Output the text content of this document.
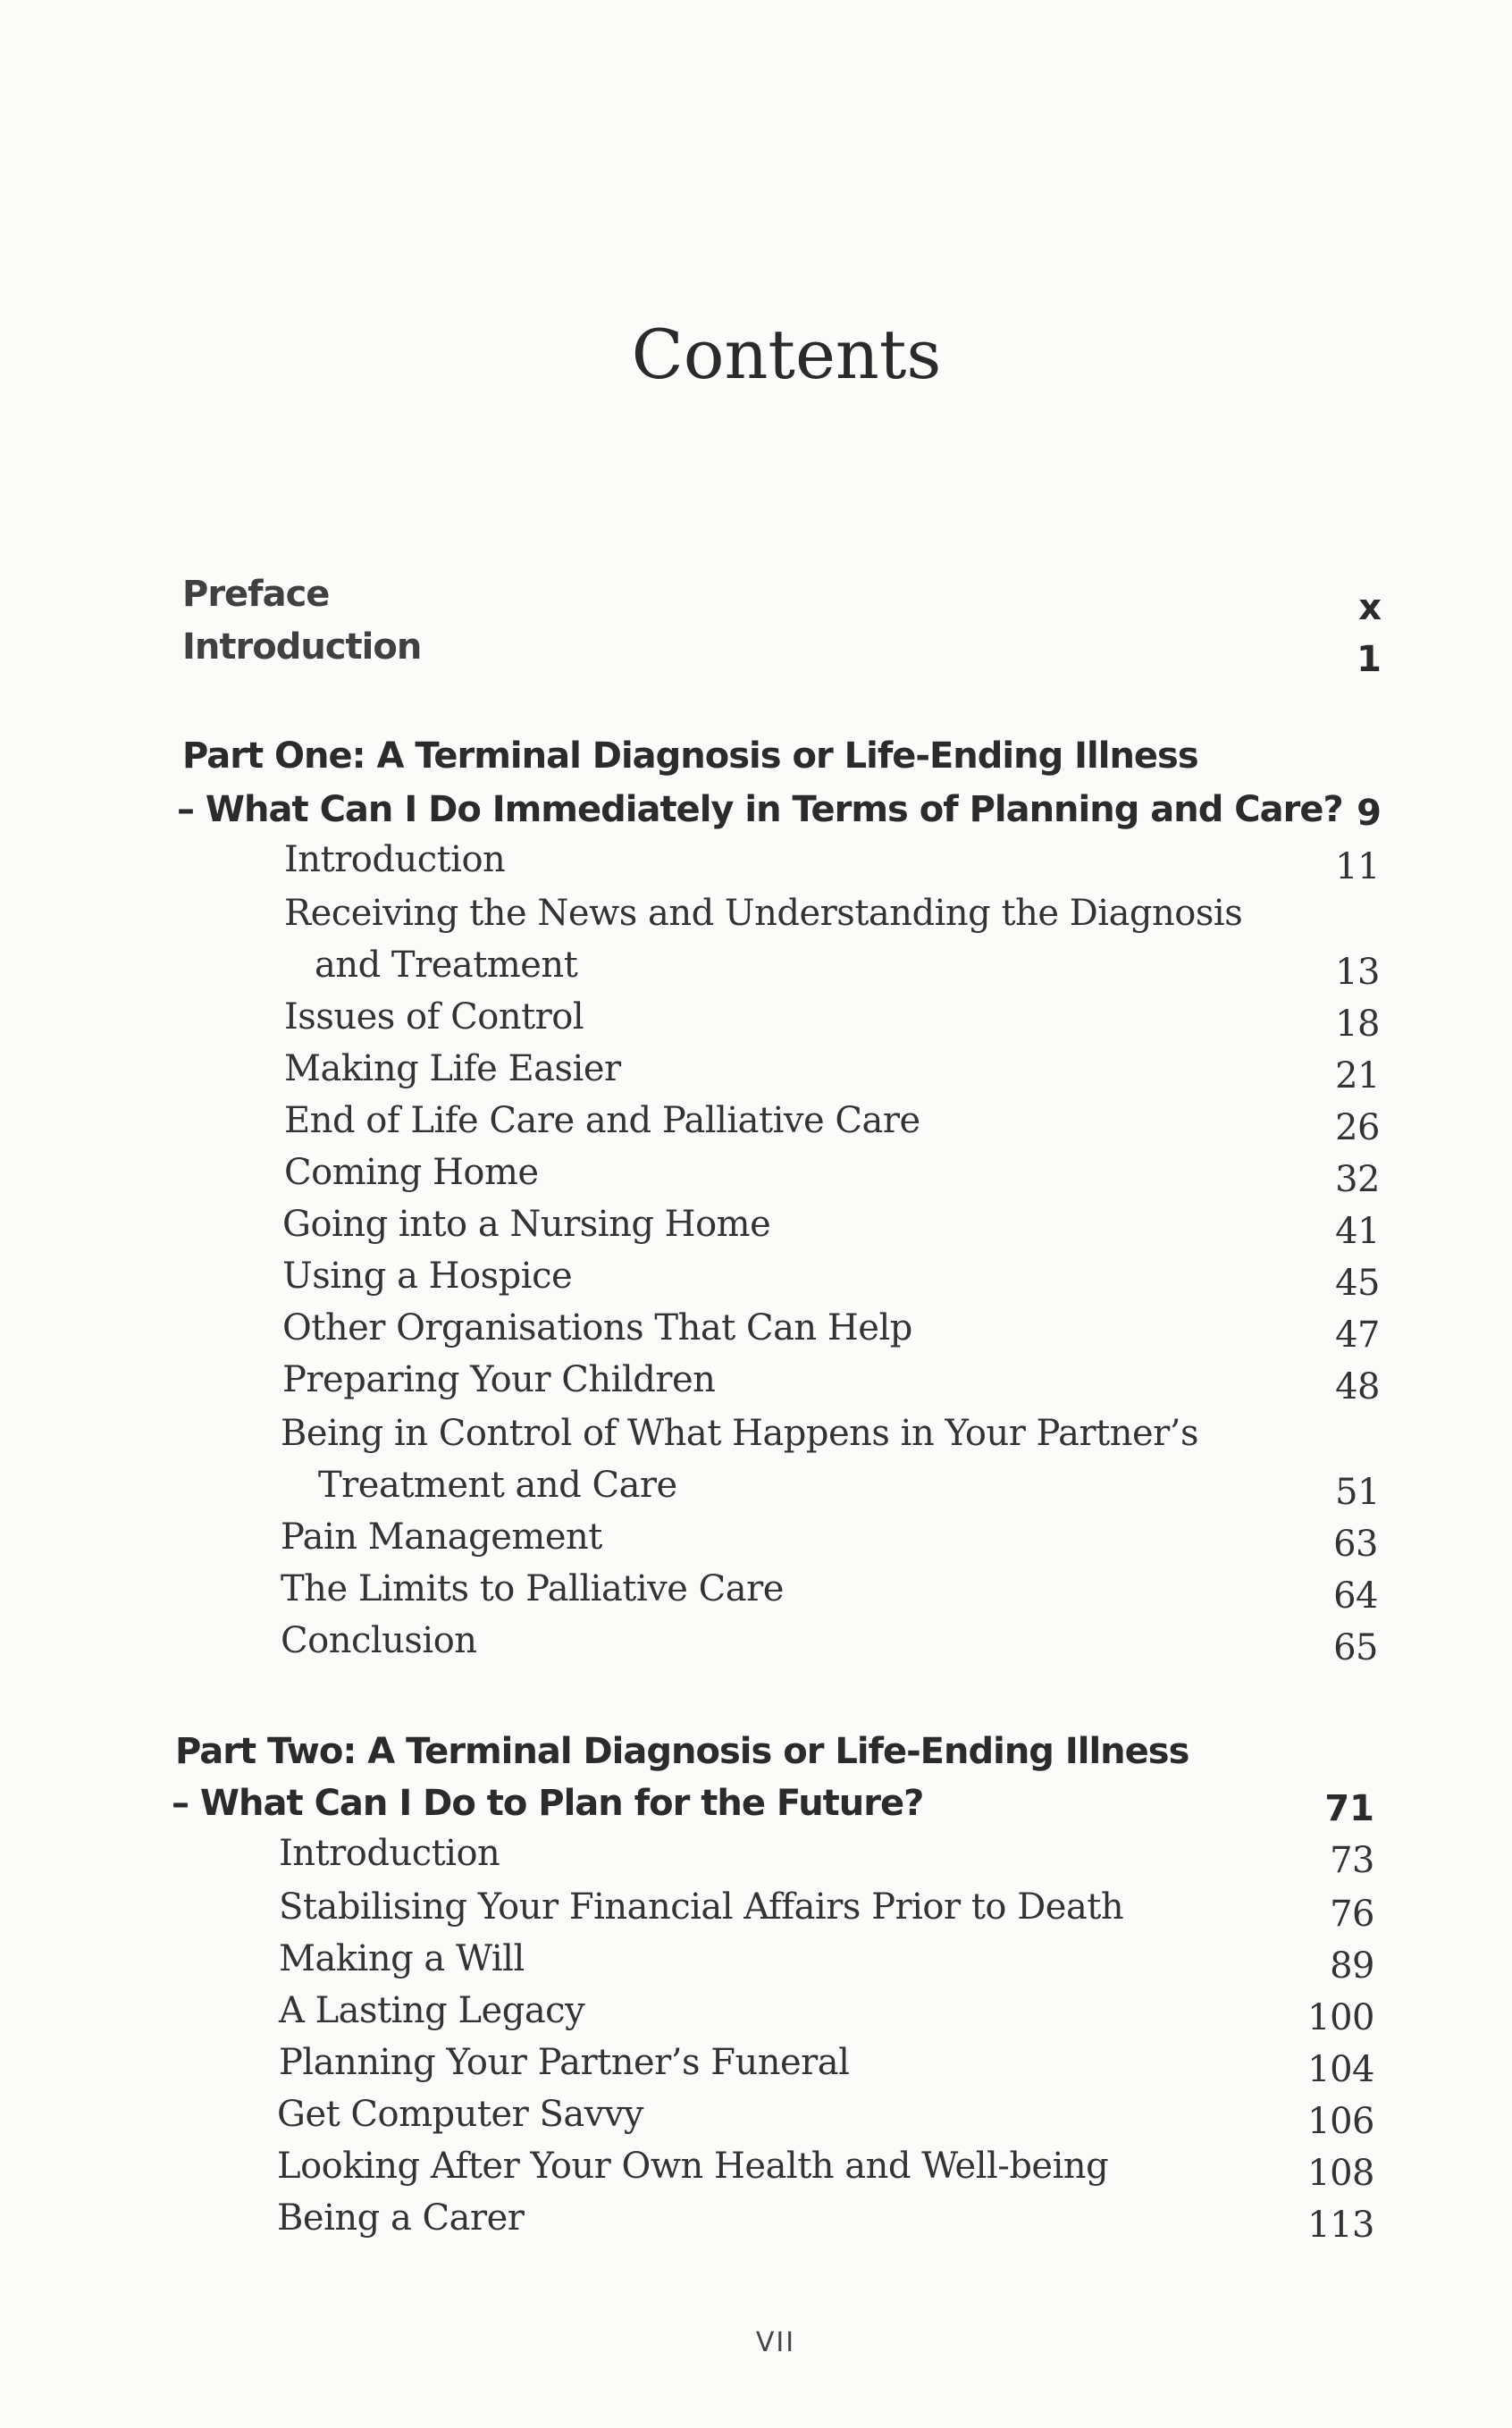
Contents
Preface	x
Introduction	1
Part One: A Terminal Diagnosis or Life-Ending Illness
– What Can I Do Immediately in Terms of Planning and Care? 9
Introduction	11
Receiving the News and Understanding the Diagnosis
and Treatment	13
Issues of Control	18
Making Life Easier	21
End of Life Care and Palliative Care	26
Coming Home	32
Going into a Nursing Home	41
Using a Hospice	45
Other Organisations That Can Help	47
Preparing Your Children	48
Being in Control of What Happens in Your Partner’s
Treatment and Care	51
Pain Management	63
The Limits to Palliative Care	64
Conclusion	65
Part Two: A Terminal Diagnosis or Life-Ending Illness
– What Can I Do to Plan for the Future?	71
Introduction	73
Stabilising Your Financial Affairs Prior to Death	76
Making a Will	89
A Lasting Legacy	100
Planning Your Partner’s Funeral	104
Get Computer Savvy	106
Looking After Your Own Health and Well-being	108
Being a Carer	113
VII
